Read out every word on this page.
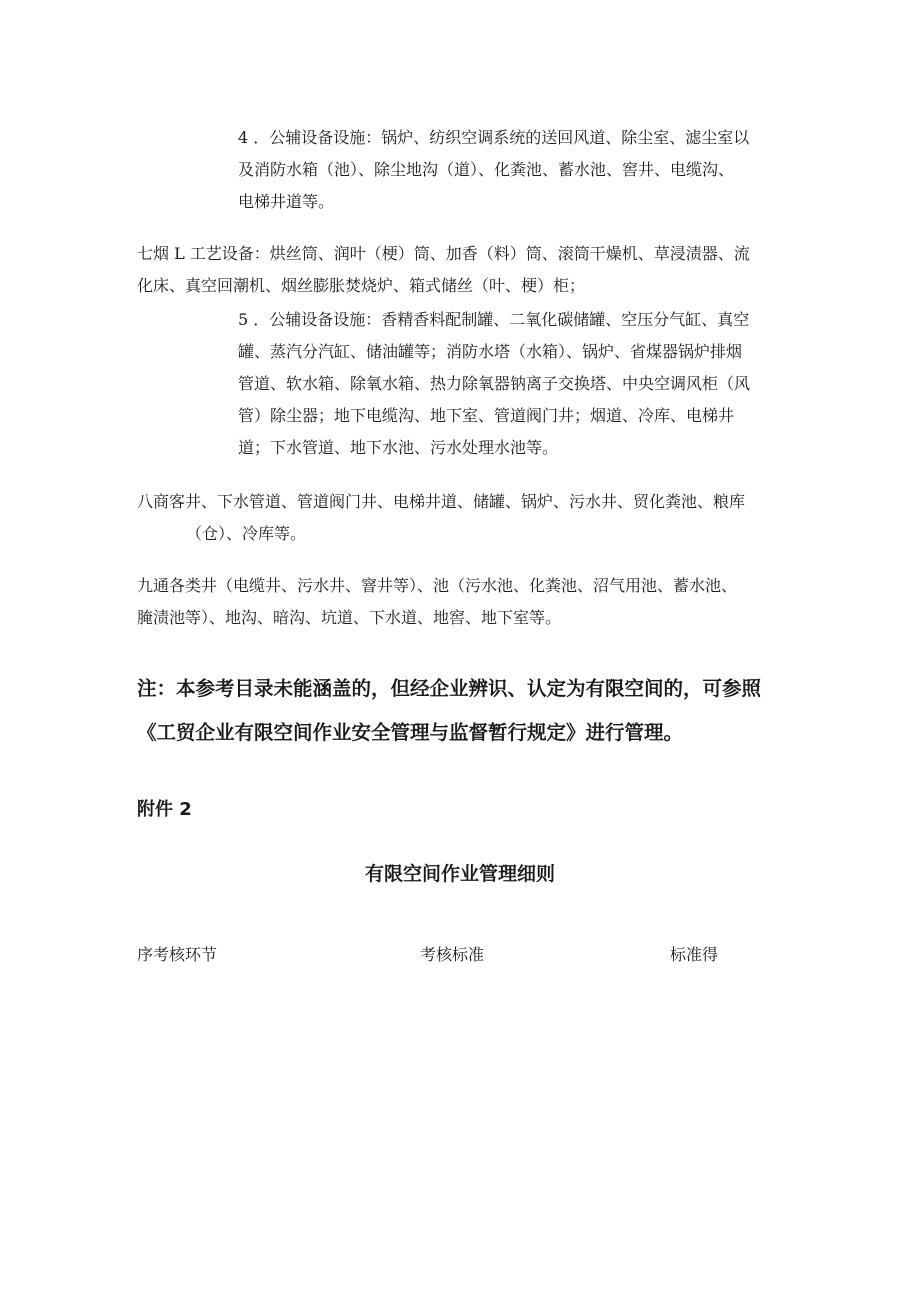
4 ．公辅设备设施：锅炉、纺织空调系统的送回风道、除尘室、滤尘室以
及消防水箱（池）、除尘地沟（道）、化粪池、蓄水池、窖井、电缆沟、
电梯井道等。
七烟 L 工艺设备：烘丝筒、润叶（梗）筒、加香（料）筒、滚筒干燥机、草浸渍器、流
化床、真空回潮机、烟丝膨胀焚烧炉、箱式储丝（叶、梗）柜；
5 ．公辅设备设施：香精香料配制罐、二氧化碳储罐、空压分气缸、真空
罐、蒸汽分汽缸、储油罐等；消防水塔（水箱）、锅炉、省煤器锅炉排烟
管道、软水箱、除氧水箱、热力除氧器钠离子交换塔、中央空调风柜（风
管）除尘器；地下电缆沟、地下室、管道阀门井；烟道、冷库、电梯井
道；下水管道、地下水池、污水处理水池等。
八商客井、下水管道、管道阀门井、电梯井道、储罐、锅炉、污水井、贸化粪池、粮库
（仓）、冷库等。
九通各类井（电缆井、污水井、窨井等）、池（污水池、化粪池、沼气用池、蓄水池、
腌渍池等）、地沟、暗沟、坑道、下水道、地窖、地下室等。
注：本参考目录未能涵盖的，但经企业辨识、认定为有限空间的，可参照
《工贸企业有限空间作业安全管理与监督暂行规定》进行管理。
附件 2
有限空间作业管理细则
序考核环节	考核标准	标准得
